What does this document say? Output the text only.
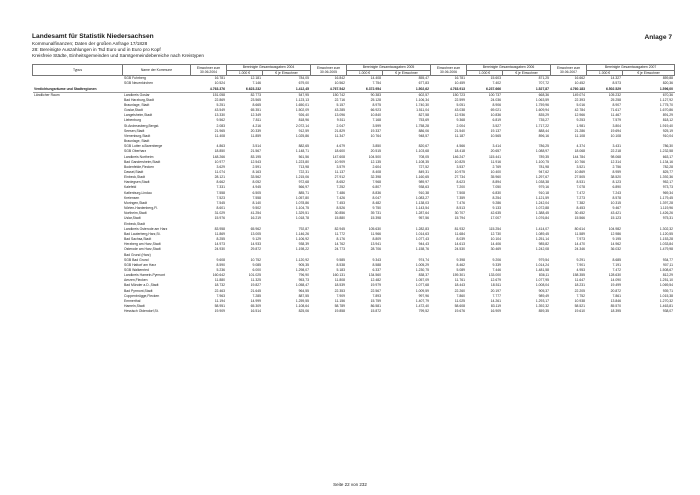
Landesamt für Statistik Niedersachsen
Kommunalfinanzen; Daten der großen Anfrage 17/1828
28: Bereinigte Auszahlungen in Tsd Euro und in Euro pro Kopf
Kreisfreie Städte, Einheitsgemeinden und Samtgemeindebereiche nach Kreistypen
Anlage 7
Typus	Name der Kommune	Einwohner zum
30.06.2004	Bereinigte Gesamtausgaben 2004		Einwohner zum
30.06.2005	Bereinigte Gesamtausgaben 2005		Einwohner zum
30.06.2006	Bereinigte Gesamtausgaben 2006		Einwohner zum
30.06.2007	Bereinigte Gesamtausgaben 2007	
			1.000 €	€ je Einwohner		1.000 €	€ je Einwohner		1.000 €	€ je Einwohner		1.000 €	€ je Einwohner
	SGB Fuhrberg	16.781	12.181	784,05	16.842	14.408	855,47	16.781	15.603	871,25	16.662	14.327	859,88
	SGB Neuenkirchen	10.524	7.146	679,00	10.562	7.754	677,83	10.459	7.402	707,72	10.452	8.573	820,36
Verdichtungsräume und Stadtregionen		4.763.376	6.623.232	1.412,45	4.767.542	6.372.954	1.502,62	4.763.913	6.237.666	1.527,87	4.760.183	6.502.529	1.596,00
Ländlicher Raum	Landkreis Goslar	151.058	82.773	547,95	150.742	90.383	602,57	150.723	100.737	668,36	149.074	105.232	670,36
	Bad Harzburg,Stadt	22.869	23.565	1.123,13	22.716	25.128	1.106,34	22.599	24.036	1.063,59	22.393	25.258	1.127,92
	Braunlage, Stadt	5.251	8.665	1.650,01	5.157	8.975	1.740,30	5.051	8.906	1.759,96	5.016	8.907	1.775,70
	Goslar,Stadt	43.549	65.351	1.502,09	43.285	66.923	1.511,04	43.038	69.021	1.609,94	42.784	71.617	1.670,86
	Langelsheim,Stadt	13.330	12.349	926,40	13.096	10.840	827,58	12.936	10.836	835,29	12.966	11.467	891,29
	Liebenburg	9.562	7.811	818,96	9.511	7.168	753,69	9.368	6.819	735,27	9.253	7.579	818,12
	St.Andreasberg,Bergst.	2.083	4.216	2.072,14	2.047	3.599	1.758,28	2.004	3.527	1.717,22	1.981	3.804	1.919,40
	Seesen,Stadt	21.965	20.339	912,59	21.829	19.337	886,06	21.540	19.137	888,44	21.286	19.694	925,19
	Vienenburg,Stadt	11.408	11.859	1.025,86	11.347	10.764	948,57	11.187	10.565	896,16	11.108	10.108	910,04
	Braunlage, Stadt												
	SGB Lutter a.Barenberge	4.863	3.514	882,65	4.679	3.850	820,67	4.566	3.414	786,25	4.374	3.431	786,30
	SGB Oberharz	18.850	21.567	1.148,71	18.600	20.515	1.103,68	18.418	20.657	1.088,97	18.068	22.218	1.232,58
	Landkreis Northeim	148.266	83.195	561,56	147.608	104.500	708,05	146.247	115.441	789,35	144.784	98.068	663,17
	Bad Gandersheim,Stadt	10.977	12.543	1.223,80	10.909	12.135	1.108,35	10.825	11.916	1.100,75	10.766	12.314	1.134,16
	Bodenfelde,Flecken	3.629	2.591	713,98	3.579	2.604	727,52	3.537	2.769	781,98	3.521	2.756	782,28
	Dassel,Stadt	11.074	8.163	722,31	11.137	8.408	849,31	10.975	10.400	947,62	10.869	8.959	825,77
	Einbeck,Stadt	28.121	33.562	1.215,06	27.912	32.398	1.160,65	27.734	35.960	1.297,67	27.505	38.520	1.392,36
	Hardegsen,Stadt	8.662	8.052	972,68	8.652	7.968	989,97	8.623	8.894	1.038,38	8.531	8.123	952,17
	Kalefeld	7.331	4.945	566,97	7.252	6.807	938,63	7.200	7.050	979,16	7.078	6.890	973,73
	Katlenburg-Lindau	7.558	6.505	885,71	7.486	8.836	910,38	7.508	6.830	910,18	7.472	7.243	969,34
	Kreiensen	7.523	7.558	1.057,80	7.426	8.047	1.083,27	7.359	8.254	1.121,59	7.273	8.578	1.179,45
	Moringen,Stadt	7.545	8.140	1.078,86	7.453	8.482	1.138,03	7.476	9.286	1.242,04	7.382	10.315	1.397,28
	Nörten-Hardenberg,Fl.	8.601	9.502	1.104,75	8.526	9.750	1.143,54	8.513	9.133	1.072,88	8.453	9.467	1.119,96
	Northeim,Stadt	31.029	41.254	1.329,51	30.856	39.731	1.287,64	30.707	42.635	1.388,45	30.452	43.421	1.426,26
	Uslar,Stadt	15.976	16.219	1.018,78	15.880	15.398	957,56	15.794	17.007	1.076,84	15.566	15.123	975,31
	Einbeck,Stadt												
	Landkreis Osterode am Harz	83.958	65.962	792,87	82.945	105.630	1.282,83	81.932	115.254	1.414,07	80.614	104.982	1.302,32
	Bad Lauterberg,Harz,St.	11.869	13.005	1.146,26	11.772	11.966	1.014,63	11.684	12.730	1.089,45	11.589	12.986	1.120,55
	Bad Sachsa,Stadt	8.255	9.129	1.106,92	8.176	8.809	1.077,43	8.039	10.104	1.251,14	7.973	9.195	1.153,28
	Herzberg am Harz,Stadt	14.973	14.933	938,39	14.762	13.941	944,43	14.613	14.406	985,82	14.470	14.962	1.033,84
	Osterode am Harz,Stadt	24.930	29.872	1.198,22	24.773	28.706	1.158,76	24.530	30.469	1.242,08	24.346	36.032	1.479,98
	Bad Grund (Harz)												
	SGB Bad Grund	9.608	10.752	1.120,92	9.585	9.343	974,74	9.398	9.206	979,54	9.291	8.685	934,77
	SGB Hattorf am Harz	8.590	9.085	905,35	8.538	8.588	1.005,29	8.462	9.339	1.014,24	7.901	7.191	907,11
	SGB Walkenried	5.236	6.000	1.298,07	5.183	6.337	1.230,75	5.089	7.446	1.481,58	4.953	7.472	1.508,67
	Landkreis Hameln-Pyrmont	160.642	101.025	796,90	160.131	134.560	838,37	159.301	133.000	836,11	158.355	128.630	812,29
	Aerzen,Flecken	11.880	11.325	953,73	11.808	12.482	1.057,09	11.761	12.679	1.077,95	11.647	14.090	1.251,10
	Bad Münder a.D.,Stadt	18.732	19.827	1.058,47	18.539	19.979	1.077,68	18.443	18.511	1.008,04	18.231	19.499	1.069,54
	Bad Pyrmont,Stadt	22.463	21.645	964,55	22.353	22.567	1.009,59	22.260	20.197	905,37	22.205	20.872	939,71
	Coppenbrügge,Flecken	7.963	7.285	887,55	7.909	7.893	997,96	7.860	7.777	989,49	7.752	7.861	1.015,38
	Emmerthal	11.194	14.999	1.259,55	11.156	15.759	1.407,79	11.025	14.261	1.293,17	10.938	13.846	1.270,32
	Hameln,Stadt	58.951	65.309	1.108,64	58.789	86.581	1.472,40	58.608	83.119	1.392,32	58.521	85.570	1.463,81
	Hessisch Oldendorf,St.	19.909	16.514	825,06	19.858	15.872	799,52	19.676	16.909	859,35	19.610	18.395	938,07
Seite 22 von 232
